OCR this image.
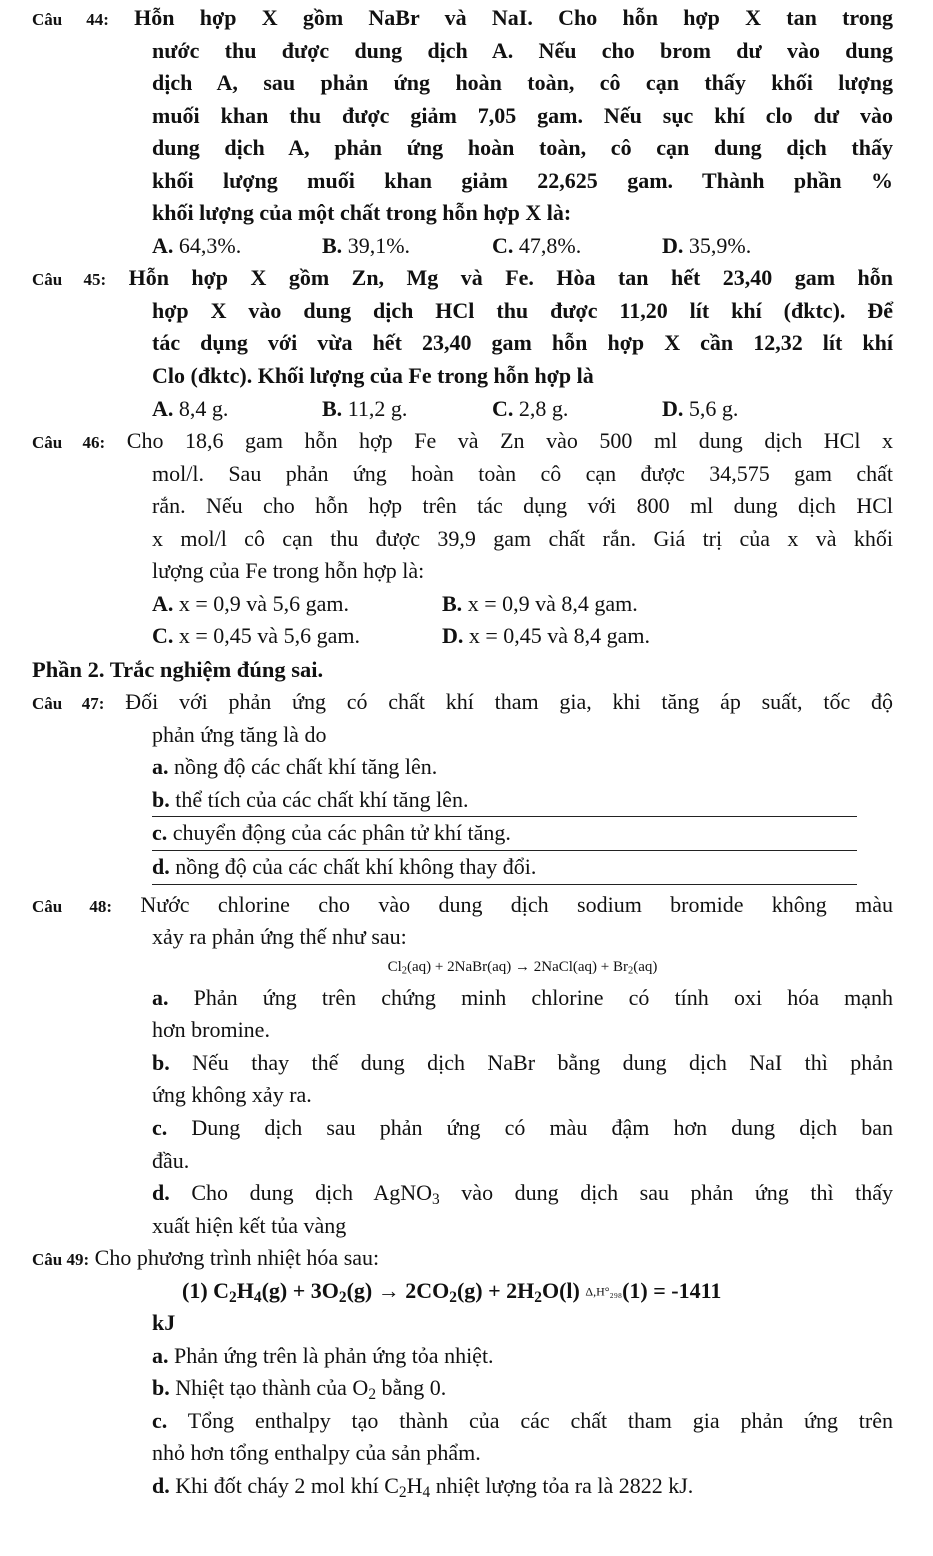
Câu 44: Hỗn hợp X gồm NaBr và NaI. Cho hỗn hợp X tan trong
nước thu được dung dịch A. Nếu cho brom dư vào dung
dịch A, sau phản ứng hoàn toàn, cô cạn thấy khối lượng
muối khan thu được giảm 7,05 gam. Nếu sục khí clo dư vào
dung dịch A, phản ứng hoàn toàn, cô cạn dung dịch thấy
khối lượng muối khan giảm 22,625 gam. Thành phần %
khối lượng của một chất trong hỗn hợp X là:
A. 64,3%.	B. 39,1%.	C. 47,8%.	D. 35,9%.
Câu 45: Hỗn hợp X gồm Zn, Mg và Fe. Hòa tan hết 23,40 gam hỗn
hợp X vào dung dịch HCl thu được 11,20 lít khí (đktc). Để
tác dụng với vừa hết 23,40 gam hỗn hợp X cần 12,32 lít khí
Clo (đktc). Khối lượng của Fe trong hỗn hợp là
A. 8,4 g.	B. 11,2 g.	C. 2,8 g.	D. 5,6 g.
Câu 46: Cho 18,6 gam hỗn hợp Fe và Zn vào 500 ml dung dịch HCl x
mol/l. Sau phản ứng hoàn toàn cô cạn được 34,575 gam chất
rắn. Nếu cho hỗn hợp trên tác dụng với 800 ml dung dịch HCl
x mol/l cô cạn thu được 39,9 gam chất rắn. Giá trị của x và khối
lượng của Fe trong hỗn hợp là:
A. x = 0,9 và 5,6 gam.	B. x = 0,9 và 8,4 gam.
C. x = 0,45 và 5,6 gam.	D. x = 0,45 và 8,4 gam.
Phần 2. Trắc nghiệm đúng sai.
Câu 47: Đối với phản ứng có chất khí tham gia, khi tăng áp suất, tốc độ
phản ứng tăng là do
a. nồng độ các chất khí tăng lên.
b. thể tích của các chất khí tăng lên.
c. chuyển động của các phân tử khí tăng.
d. nồng độ của các chất khí không thay đổi.
Câu 48: Nước chlorine cho vào dung dịch sodium bromide không màu
xảy ra phản ứng thế như sau:
$Cl_2(aq)$ + 2NaBr(aq) → 2NaCl(aq) + $Br_2(aq)$
a. Phản ứng trên chứng minh chlorine có tính oxi hóa mạnh
hơn bromine.
b. Nếu thay thế dung dịch NaBr bằng dung dịch NaI thì phản
ứng không xảy ra.
c. Dung dịch sau phản ứng có màu đậm hơn dung dịch ban
đầu.
d. Cho dung dịch AgNO$_3$ vào dung dịch sau phản ứng thì thấy
xuất hiện kết tủa vàng
Câu 49: Cho phương trình nhiệt hóa sau:
(1) $C_2H_4(g) + 3O_2(g) \to 2CO_2(g) + 2H_2O(l) \Delta,H^\circ_{298}(1) = -1411$
kJ
a. Phản ứng trên là phản ứng tỏa nhiệt.
b. Nhiệt tạo thành của $O_2$ bằng 0.
c. Tổng enthalpy tạo thành của các chất tham gia phản ứng trên
nhỏ hơn tổng enthalpy của sản phẩm.
d. Khi đốt cháy 2 mol khí $C_2H_4$ nhiệt lượng tỏa ra là 2822 kJ.
